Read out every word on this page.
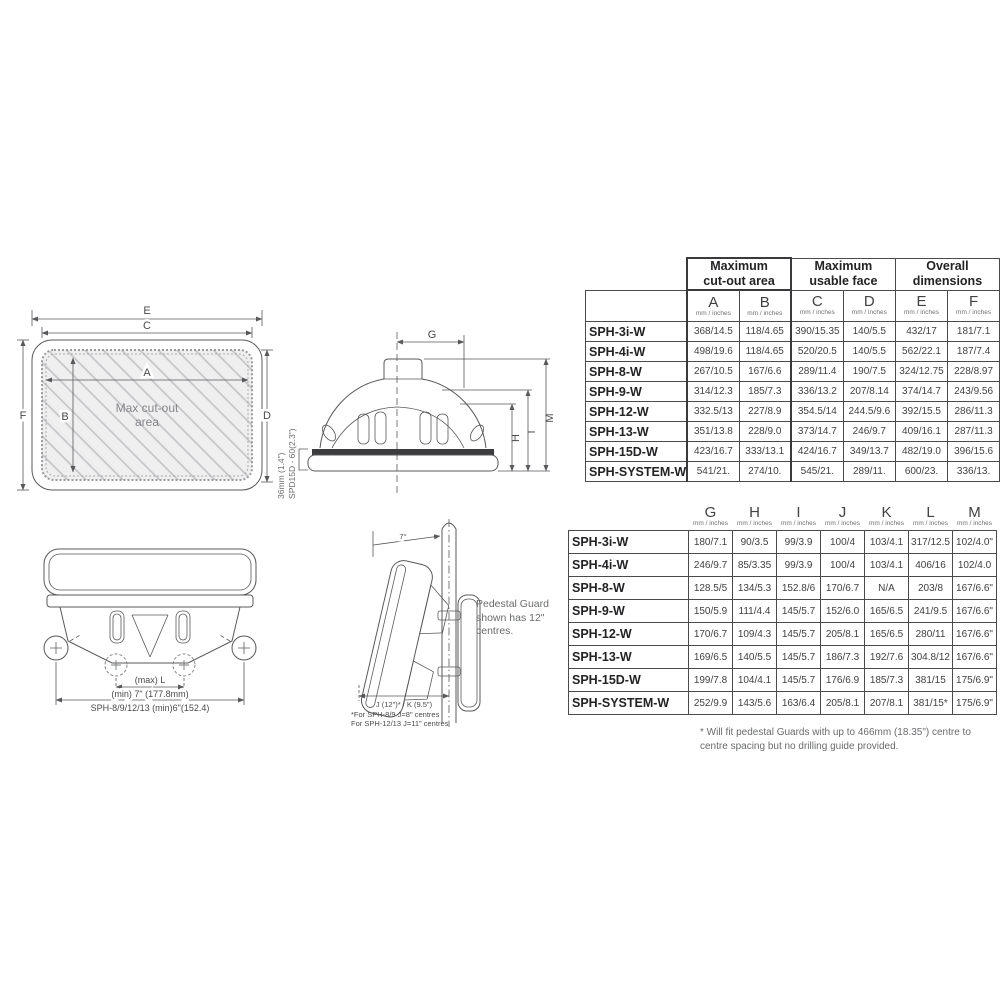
Max cut-out
area
E
C
A
B
F	D
36mm (1.4") SPD15D - 60(2.3")
G
H
I
M
(max) L
(min) 7" (177.8mm)
SPH-8/9/12/13 (min)6"(152.4)
7°
J (12")* / K (9.5")
*For SPH-8/9 J=8" centres
For SPH-12/13 J=11" centres
Pedestal Guard shown has 12" centres.

Maximum
cut-out area

Maximum
usable face

Overall
dimensions

A
mm / inches

B
mm / inches

C
mm / inches

D
mm / inches

E
mm / inches

F
mm / inches

SPH-3i-W	368/14.5	118/4.65	390/15.35	140/5.5	432/17	181/7.1
SPH-4i-W	498/19.6	118/4.65	520/20.5	140/5.5	562/22.1	187/7.4
SPH-8-W	267/10.5	167/6.6	289/11.4	190/7.5	324/12.75	228/8.97
SPH-9-W	314/12.3	185/7.3	336/13.2	207/8.14	374/14.7	243/9.56
SPH-12-W	332.5/13	227/8.9	354.5/14	244.5/9.6	392/15.5	286/11.3
SPH-13-W	351/13.8	228/9.0	373/14.7	246/9.7	409/16.1	287/11.3
SPH-15D-W	423/16.7	333/13.1	424/16.7	349/13.7	482/19.0	396/15.6
SPH-SYSTEM-W	541/21.	274/10.	545/21.	289/11.	600/23.	336/13.

G
mm / inches

H
mm / inches

I
mm / inches

J
mm / inches

K
mm / inches

L
mm / inches

M
mm / inches

SPH-3i-W	180/7.1	90/3.5	99/3.9	100/4	103/4.1	317/12.5	102/4.0"
SPH-4i-W	246/9.7	85/3.35	99/3.9	100/4	103/4.1	406/16	102/4.0
SPH-8-W	128.5/5	134/5.3	152.8/6	170/6.7	N/A	203/8	167/6.6"
SPH-9-W	150/5.9	111/4.4	145/5.7	152/6.0	165/6.5	241/9.5	167/6.6"
SPH-12-W	170/6.7	109/4.3	145/5.7	205/8.1	165/6.5	280/11	167/6.6"
SPH-13-W	169/6.5	140/5.5	145/5.7	186/7.3	192/7.6	304.8/12	167/6.6"
SPH-15D-W	199/7.8	104/4.1	145/5.7	176/6.9	185/7.3	381/15	175/6.9"
SPH-SYSTEM-W	252/9.9	143/5.6	163/6.4	205/8.1	207/8.1	381/15*	175/6.9"
* Will fit pedestal Guards with up to 466mm (18.35") centre to centre spacing but no drilling guide provided.
